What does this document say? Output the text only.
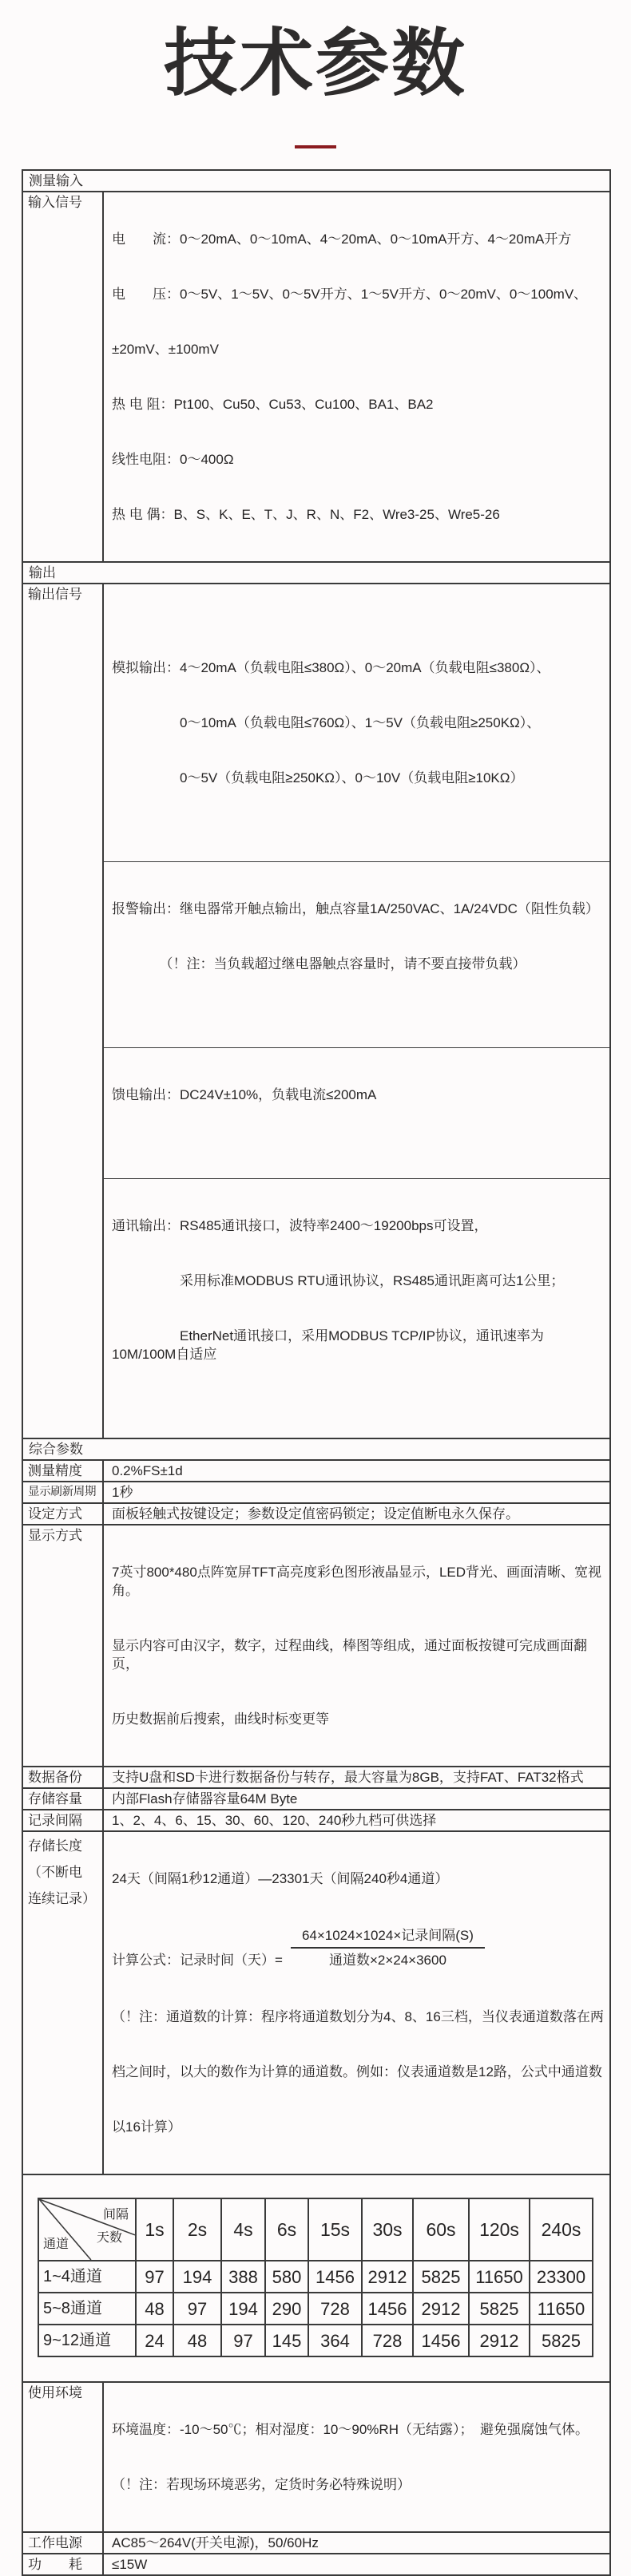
技术参数
测量输入
输入信号

电　　流：0～20mA、0～10mA、4～20mA、0～10mA开方、4～20mA开方

电　　压：0～5V、1～5V、0～5V开方、1～5V开方、0～20mV、0～100mV、

±20mV、±100mV

热 电 阻：Pt100、Cu50、Cu53、Cu100、BA1、BA2

线性电阻：0～400Ω

热 电 偶：B、S、K、E、T、J、R、N、F2、Wre3-25、Wre5-26

输出
输出信号

模拟输出：4～20mA（负载电阻≤380Ω）、0～20mA（负载电阻≤380Ω）、

　　　　　0～10mA（负载电阻≤760Ω）、1～5V（负载电阻≥250KΩ）、

　　　　　0～5V（负载电阻≥250KΩ）、0～10V（负载电阻≥10KΩ）

报警输出：继电器常开触点输出，触点容量1A/250VAC、1A/24VDC（阻性负载）

　　　　（！注：当负载超过继电器触点容量时，请不要直接带负载）

馈电输出：DC24V±10%，负载电流≤200mA

通讯输出：RS485通讯接口，波特率2400～19200bps可设置，

　　　　　采用标准MODBUS RTU通讯协议，RS485通讯距离可达1公里；

　　　　　EtherNet通讯接口，采用MODBUS TCP/IP协议，通讯速率为10M/100M自适应

综合参数
测量精度	0.2%FS±1d
显示刷新周期	1秒
设定方式	面板轻触式按键设定；参数设定值密码锁定；设定值断电永久保存。
显示方式

7英寸800*480点阵宽屏TFT高亮度彩色图形液晶显示，LED背光、画面清晰、宽视角。

显示内容可由汉字，数字，过程曲线，棒图等组成，通过面板按键可完成画面翻页，

历史数据前后搜索，曲线时标变更等

数据备份	支持U盘和SD卡进行数据备份与转存，最大容量为8GB，支持FAT、FAT32格式
存储容量	内部Flash存储器容量64M Byte
记录间隔	1、2、4、6、15、30、60、120、240秒九档可供选择
存储长度
（不断电
连续记录）

24天（间隔1秒12通道）—23301天（间隔240秒4通道）

计算公式：记录时间（天）= $\frac{\text{64×1024×1024×记录间隔(S)}}{\text{通道数×2×24×3600}}$

（！注：通道数的计算：程序将通道数划分为4、8、16三档，当仪表通道数落在两

档之间时，以大的数作为计算的通道数。例如：仪表通道数是12路，公式中通道数

以16计算）

间隔
天数
通道	1s	2s	4s	6s	15s	30s	60s	120s	240s
1~4通道	97	194	388	580	1456	2912	5825	11650	23300
5~8通道	48	97	194	290	728	1456	2912	5825	11650
9~12通道	24	48	97	145	364	728	1456	2912	5825
使用环境

环境温度：-10～50℃；相对湿度：10～90%RH（无结露）；　避免强腐蚀气体。

（！注：若现场环境恶劣，定货时务必特殊说明）

工作电源	AC85～264V(开关电源)，50/60Hz
功　　耗	≤15W
